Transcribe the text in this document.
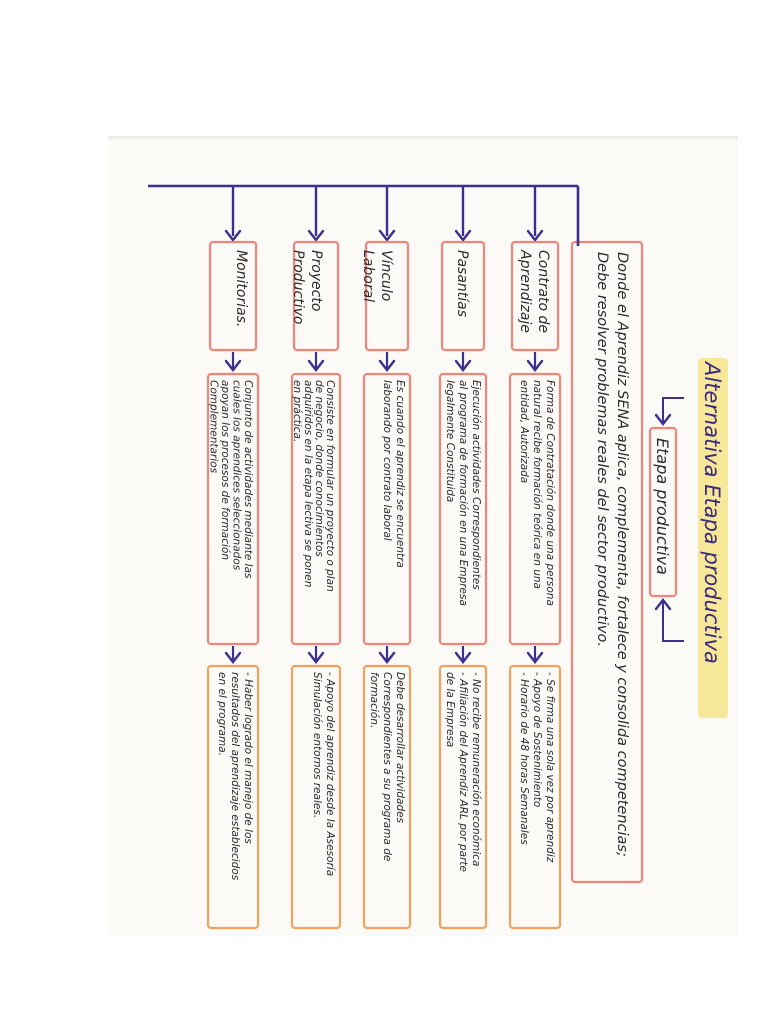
Alternativa Etapa productiva
Etapa productiva
Donde el Aprendiz SENA aplica, complementa, fortalece y consolida competencias;Debe resolver problemas reales del sector productivo.
Contrato deAprendizaje
Forma de Contratación donde una personanatural recibe formación teórica en unaentidad, Autorizada
- Se firma una sola vez por aprendiz- Apoyo de Sostenimiento- Horario de 48 horas Semanales
Pasantías
Ejecución actividades Correspondientesal programa de formación en una Empresalegalmente Constituida
- No recibe remuneración económica- Afiliación del Aprendiz ARL por partede la Empresa
VínculoLaboral
Es cuando el aprendiz se encuentralaborando por contrato laboral
Debe desarrollar actividadesCorrespondientes a su programa deformación.
ProyectoProductivo
Consiste en formular un proyecto o plande negocio, donde conocimientosadquiridos en la etapa lectiva se ponenen práctica.
- Apoyo del aprendiz desde la AsesoríaSimulación entornos reales.
Monitorias.
Conjunto de actividades mediante lascuales los aprendices seleccionadosapoyan los procesos de formaciónComplementarios
- Haber logrado el manejo de losresultados del aprendizaje establecidosen el programa.
